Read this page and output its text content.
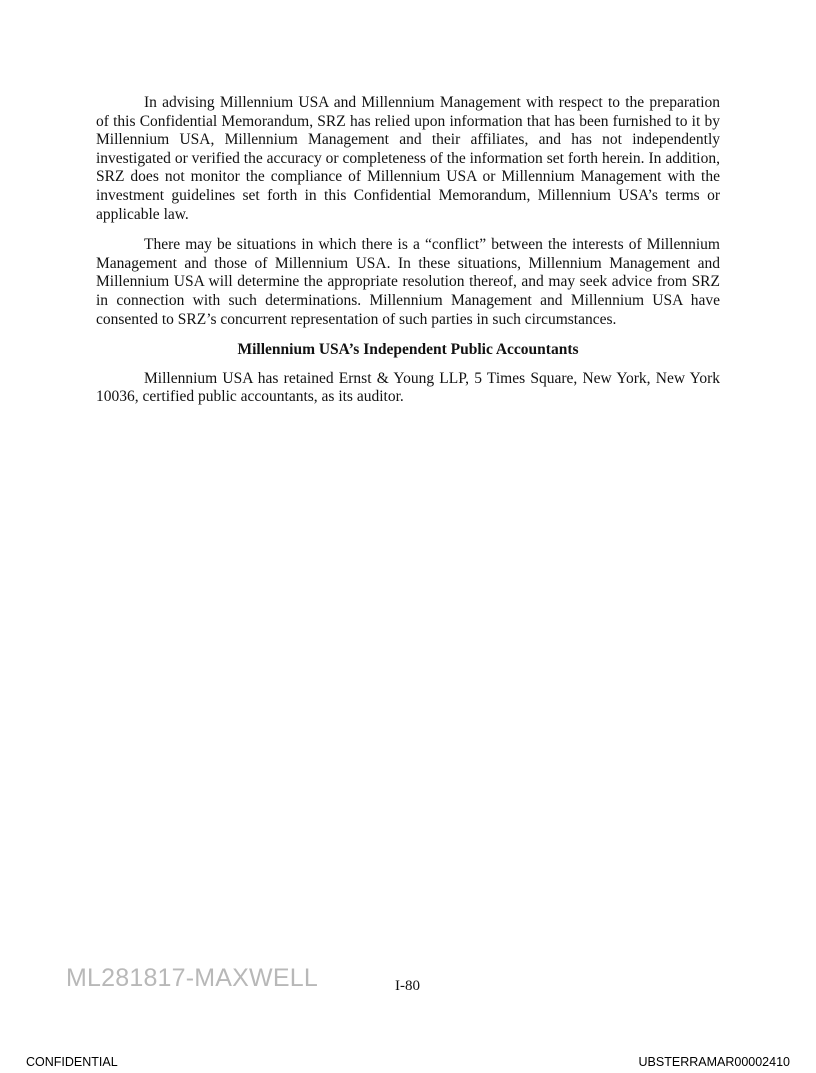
In advising Millennium USA and Millennium Management with respect to the preparation of this Confidential Memorandum, SRZ has relied upon information that has been furnished to it by Millennium USA, Millennium Management and their affiliates, and has not independently investigated or verified the accuracy or completeness of the information set forth herein. In addition, SRZ does not monitor the compliance of Millennium USA or Millennium Management with the investment guidelines set forth in this Confidential Memorandum, Millennium USA’s terms or applicable law.

There may be situations in which there is a “conflict” between the interests of Millennium Management and those of Millennium USA. In these situations, Millennium Management and Millennium USA will determine the appropriate resolution thereof, and may seek advice from SRZ in connection with such determinations. Millennium Management and Millennium USA have consented to SRZ’s concurrent representation of such parties in such circumstances.

Millennium USA’s Independent Public Accountants

Millennium USA has retained Ernst & Young LLP, 5 Times Square, New York, New York 10036, certified public accountants, as its auditor.

ML281817-MAXWELL	I-80
CONFIDENTIAL	UBSTERRAMAR00002410
